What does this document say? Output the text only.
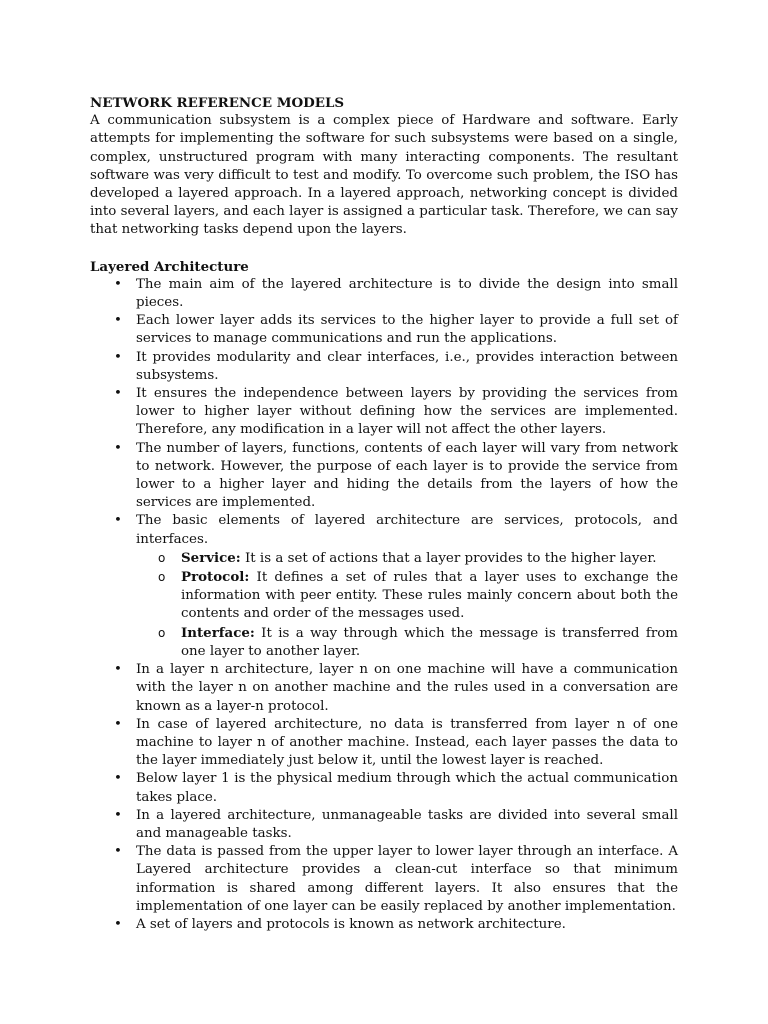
NETWORK REFERENCE MODELS

A communication subsystem is a complex piece of Hardware and software. Early attempts for implementing the software for such subsystems were based on a single, complex, unstructured program with many interacting components. The resultant software was very difficult to test and modify. To overcome such problem, the ISO has developed a layered approach. In a layered approach, networking concept is divided into several layers, and each layer is assigned a particular task. Therefore, we can say that networking tasks depend upon the layers.

Layered Architecture

• The main aim of the layered architecture is to divide the design into small pieces.
• Each lower layer adds its services to the higher layer to provide a full set of services to manage communications and run the applications.
• It provides modularity and clear interfaces, i.e., provides interaction between subsystems.
• It ensures the independence between layers by providing the services from lower to higher layer without defining how the services are implemented. Therefore, any modification in a layer will not affect the other layers.
• The number of layers, functions, contents of each layer will vary from network to network. However, the purpose of each layer is to provide the service from lower to a higher layer and hiding the details from the layers of how the services are implemented.
• The basic elements of layered architecture are services, protocols, and interfaces.
o Service: It is a set of actions that a layer provides to the higher layer.
o Protocol: It defines a set of rules that a layer uses to exchange the information with peer entity. These rules mainly concern about both the contents and order of the messages used.
o Interface: It is a way through which the message is transferred from one layer to another layer.
• In a layer n architecture, layer n on one machine will have a communication with the layer n on another machine and the rules used in a conversation are known as a layer-n protocol.
• In case of layered architecture, no data is transferred from layer n of one machine to layer n of another machine. Instead, each layer passes the data to the layer immediately just below it, until the lowest layer is reached.
• Below layer 1 is the physical medium through which the actual communication takes place.
• In a layered architecture, unmanageable tasks are divided into several small and manageable tasks.
• The data is passed from the upper layer to lower layer through an interface. A Layered architecture provides a clean-cut interface so that minimum information is shared among different layers. It also ensures that the implementation of one layer can be easily replaced by another implementation.
• A set of layers and protocols is known as network architecture.
